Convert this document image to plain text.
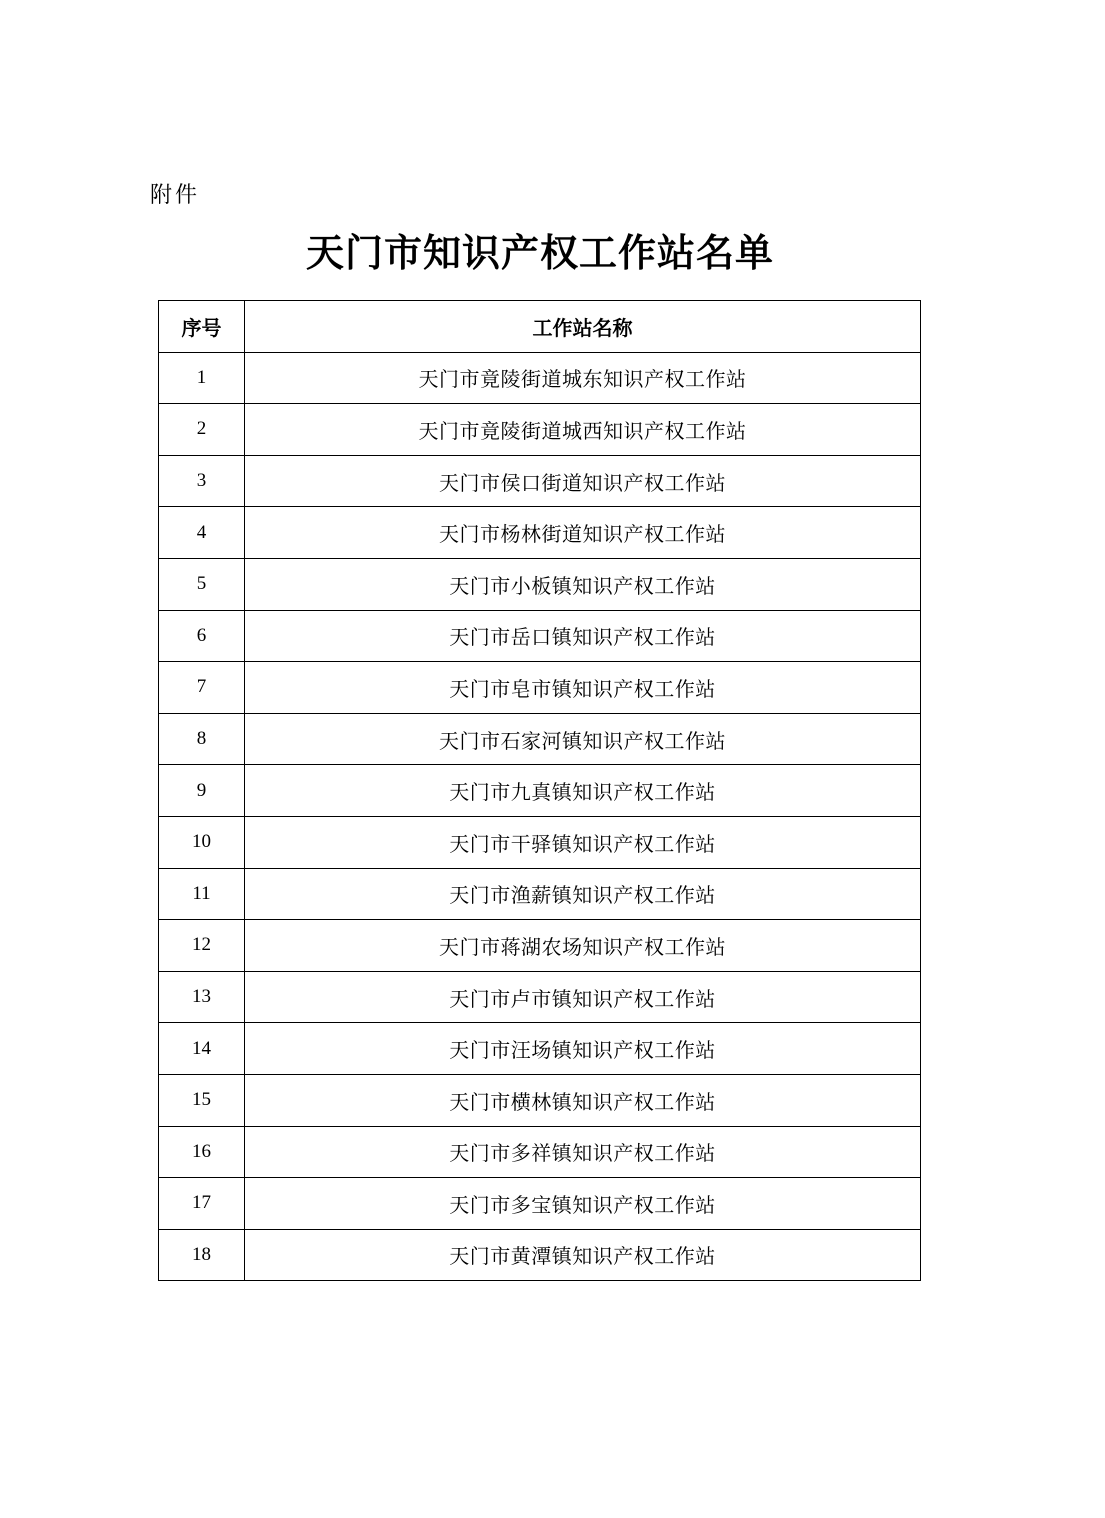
附件
天门市知识产权工作站名单
序号	工作站名称
1	天门市竟陵街道城东知识产权工作站
2	天门市竟陵街道城西知识产权工作站
3	天门市侯口街道知识产权工作站
4	天门市杨林街道知识产权工作站
5	天门市小板镇知识产权工作站
6	天门市岳口镇知识产权工作站
7	天门市皂市镇知识产权工作站
8	天门市石家河镇知识产权工作站
9	天门市九真镇知识产权工作站
10	天门市干驿镇知识产权工作站
11	天门市渔薪镇知识产权工作站
12	天门市蒋湖农场知识产权工作站
13	天门市卢市镇知识产权工作站
14	天门市汪场镇知识产权工作站
15	天门市横林镇知识产权工作站
16	天门市多祥镇知识产权工作站
17	天门市多宝镇知识产权工作站
18	天门市黄潭镇知识产权工作站
